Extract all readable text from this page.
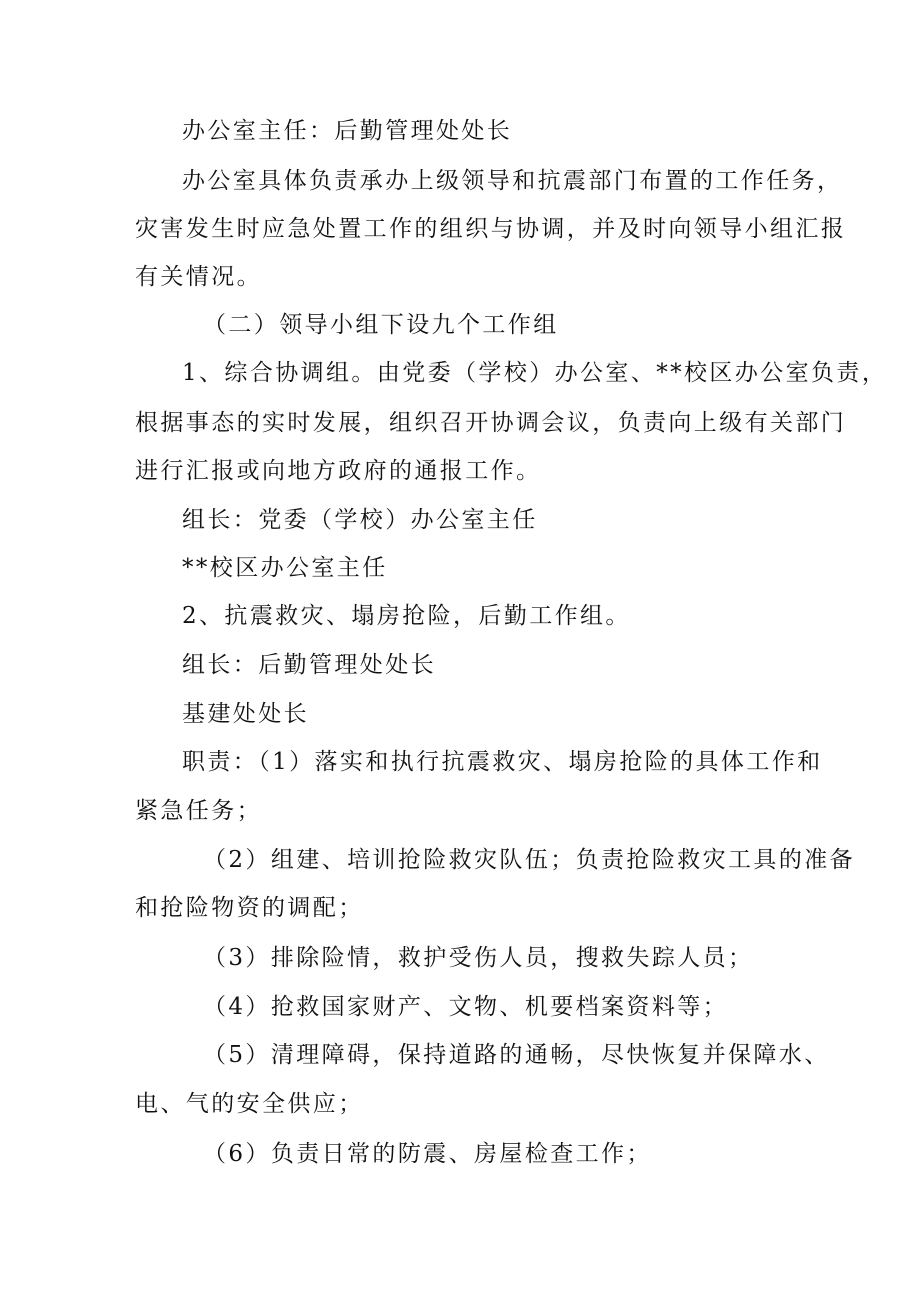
办公室主任：后勤管理处处长
办公室具体负责承办上级领导和抗震部门布置的工作任务，
灾害发生时应急处置工作的组织与协调，并及时向领导小组汇报
有关情况。
（二）领导小组下设九个工作组
1、综合协调组。由党委（学校）办公室、**校区办公室负责，
根据事态的实时发展，组织召开协调会议，负责向上级有关部门
进行汇报或向地方政府的通报工作。
组长：党委（学校）办公室主任
**校区办公室主任
2、抗震救灾、塌房抢险，后勤工作组。
组长：后勤管理处处长
基建处处长
职责：（1）落实和执行抗震救灾、塌房抢险的具体工作和
紧急任务；
（2）组建、培训抢险救灾队伍；负责抢险救灾工具的准备
和抢险物资的调配；
（3）排除险情，救护受伤人员，搜救失踪人员；
（4）抢救国家财产、文物、机要档案资料等；
（5）清理障碍，保持道路的通畅，尽快恢复并保障水、
电、气的安全供应；
（6）负责日常的防震、房屋检查工作；
